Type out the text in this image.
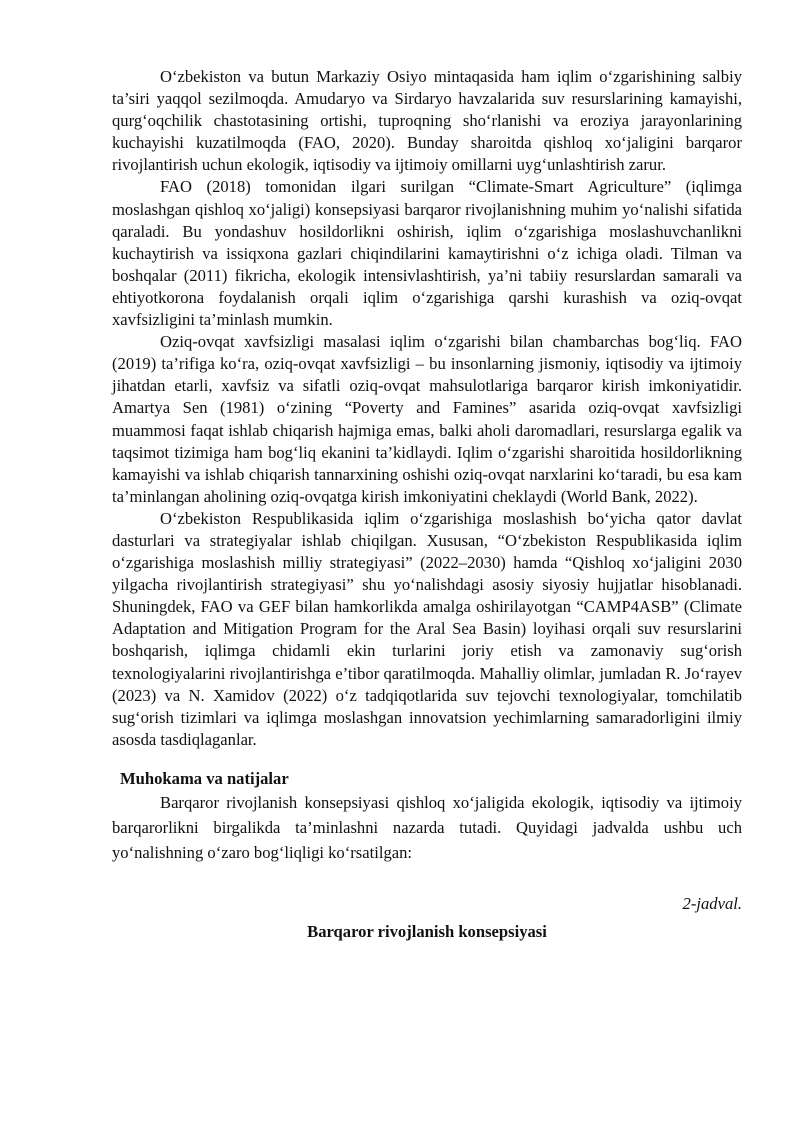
O‘zbekiston va butun Markaziy Osiyo mintaqasida ham iqlim o‘zgarishining salbiy ta’siri yaqqol sezilmoqda. Amudaryo va Sirdaryo havzalarida suv resurslarining kamayishi, qurg‘oqchilik chastotasining ortishi, tuproqning sho‘rlanishi va eroziya jarayonlarining kuchayishi kuzatilmoqda (FAO, 2020). Bunday sharoitda qishloq xo‘jaligini barqaror rivojlantirish uchun ekologik, iqtisodiy va ijtimoiy omillarni uyg‘unlashtirish zarur.

FAO (2018) tomonidan ilgari surilgan “Climate-Smart Agriculture” (iqlimga moslashgan qishloq xo‘jaligi) konsepsiyasi barqaror rivojlanishning muhim yo‘nalishi sifatida qaraladi. Bu yondashuv hosildorlikni oshirish, iqlim o‘zgarishiga moslashuvchanlikni kuchaytirish va issiqxona gazlari chiqindilarini kamaytirishni o‘z ichiga oladi. Tilman va boshqalar (2011) fikricha, ekologik intensivlashtirish, ya’ni tabiiy resurslardan samarali va ehtiyotkorona foydalanish orqali iqlim o‘zgarishiga qarshi kurashish va oziq-ovqat xavfsizligini ta’minlash mumkin.

Oziq-ovqat xavfsizligi masalasi iqlim o‘zgarishi bilan chambarchas bog‘liq. FAO (2019) ta’rifiga ko‘ra, oziq-ovqat xavfsizligi – bu insonlarning jismoniy, iqtisodiy va ijtimoiy jihatdan etarli, xavfsiz va sifatli oziq-ovqat mahsulotlariga barqaror kirish imkoniyatidir. Amartya Sen (1981) o‘zining “Poverty and Famines” asarida oziq-ovqat xavfsizligi muammosi faqat ishlab chiqarish hajmiga emas, balki aholi daromadlari, resurslarga egalik va taqsimot tizimiga ham bog‘liq ekanini ta’kidlaydi. Iqlim o‘zgarishi sharoitida hosildorlikning kamayishi va ishlab chiqarish tannarxining oshishi oziq-ovqat narxlarini ko‘taradi, bu esa kam ta’minlangan aholining oziq-ovqatga kirish imkoniyatini cheklaydi (World Bank, 2022).

O‘zbekiston Respublikasida iqlim o‘zgarishiga moslashish bo‘yicha qator davlat dasturlari va strategiyalar ishlab chiqilgan. Xususan, “O‘zbekiston Respublikasida iqlim o‘zgarishiga moslashish milliy strategiyasi” (2022–2030) hamda “Qishloq xo‘jaligini 2030 yilgacha rivojlantirish strategiyasi” shu yo‘nalishdagi asosiy siyosiy hujjatlar hisoblanadi. Shuningdek, FAO va GEF bilan hamkorlikda amalga oshirilayotgan “CAMP4ASB” (Climate Adaptation and Mitigation Program for the Aral Sea Basin) loyihasi orqali suv resurslarini boshqarish, iqlimga chidamli ekin turlarini joriy etish va zamonaviy sug‘orish texnologiyalarini rivojlantirishga e’tibor qaratilmoqda. Mahalliy olimlar, jumladan R. Jo‘rayev (2023) va N. Xamidov (2022) o‘z tadqiqotlarida suv tejovchi texnologiyalar, tomchilatib sug‘orish tizimlari va iqlimga moslashgan innovatsion yechimlarning samaradorligini ilmiy asosda tasdiqlaganlar.

Muhokama va natijalar

Barqaror rivojlanish konsepsiyasi qishloq xo‘jaligida ekologik, iqtisodiy va ijtimoiy barqarorlikni birgalikda ta’minlashni nazarda tutadi. Quyidagi jadvalda ushbu uch yo‘nalishning o‘zaro bog‘liqligi ko‘rsatilgan:

2-jadval.
Barqaror rivojlanish konsepsiyasi
